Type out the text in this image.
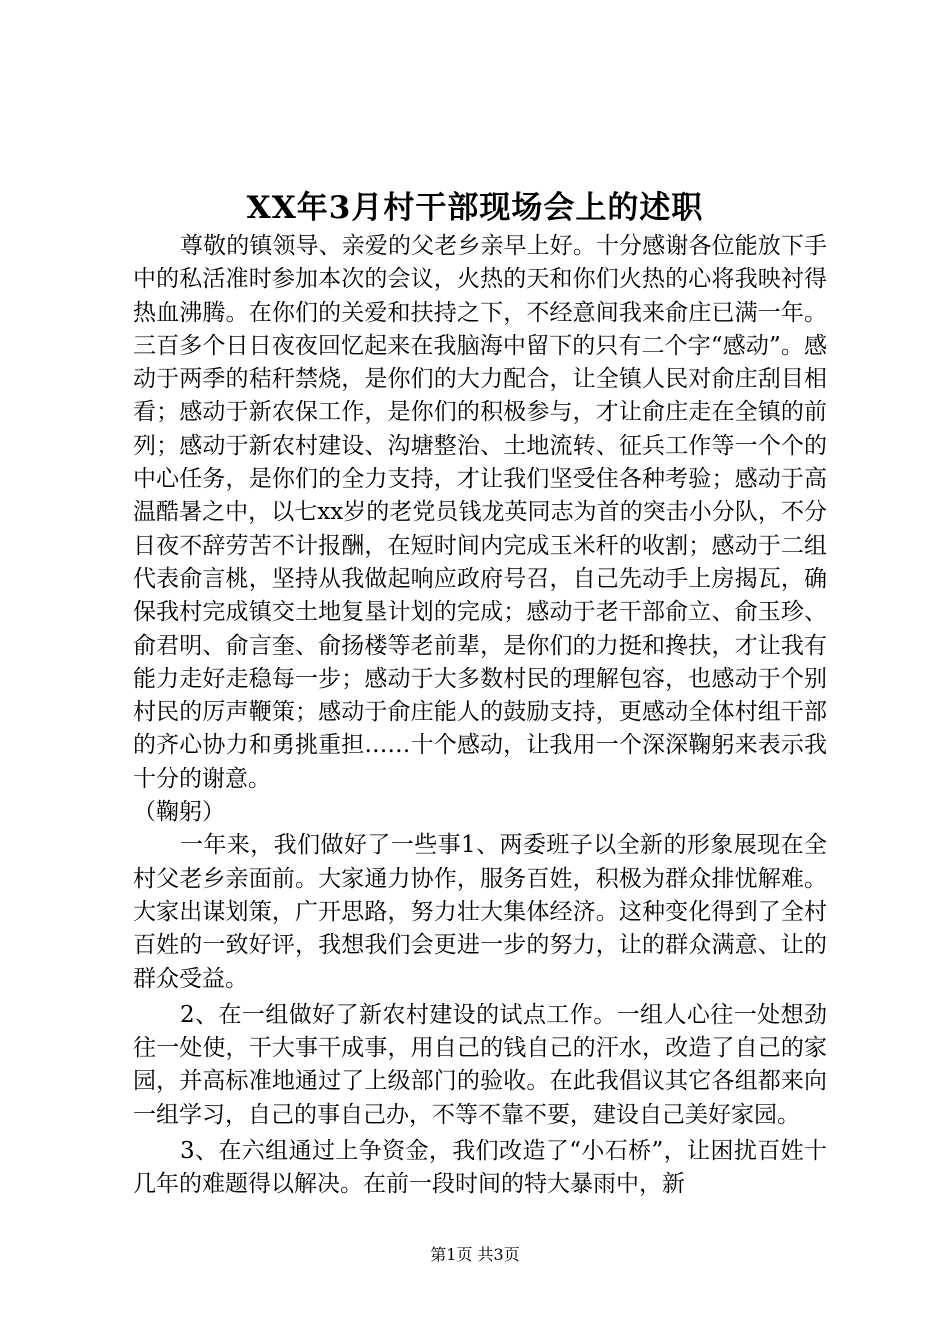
XX年3月村干部现场会上的述职

尊敬的镇领导、亲爱的父老乡亲早上好。十分感谢各位能放下手中的私活准时参加本次的会议，火热的天和你们火热的心将我映衬得热血沸腾。在你们的关爱和扶持之下，不经意间我来俞庄已满一年。三百多个日日夜夜回忆起来在我脑海中留下的只有二个字“感动”。感动于两季的秸秆禁烧，是你们的大力配合，让全镇人民对俞庄刮目相看；感动于新农保工作，是你们的积极参与，才让俞庄走在全镇的前列；感动于新农村建设、沟塘整治、土地流转、征兵工作等一个个的中心任务，是你们的全力支持，才让我们坚受住各种考验；感动于高温酷暑之中，以七xx岁的老党员钱龙英同志为首的突击小分队，不分日夜不辞劳苦不计报酬，在短时间内完成玉米秆的收割；感动于二组代表俞言桃，坚持从我做起响应政府号召，自己先动手上房揭瓦，确保我村完成镇交土地复垦计划的完成；感动于老干部俞立、俞玉珍、俞君明、俞言奎、俞扬楼等老前辈，是你们的力挺和搀扶，才让我有能力走好走稳每一步；感动于大多数村民的理解包容，也感动于个别村民的厉声鞭策；感动于俞庄能人的鼓励支持，更感动全体村组干部的齐心协力和勇挑重担……十个感动，让我用一个深深鞠躬来表示我十分的谢意。

（鞠躬）

一年来，我们做好了一些事1、两委班子以全新的形象展现在全村父老乡亲面前。大家通力协作，服务百姓，积极为群众排忧解难。大家出谋划策，广开思路，努力壮大集体经济。这种变化得到了全村百姓的一致好评，我想我们会更进一步的努力，让的群众满意、让的群众受益。

2、在一组做好了新农村建设的试点工作。一组人心往一处想劲往一处使，干大事干成事，用自己的钱自己的汗水，改造了自己的家园，并高标准地通过了上级部门的验收。在此我倡议其它各组都来向一组学习，自己的事自己办，不等不靠不要，建设自己美好家园。

3、在六组通过上争资金，我们改造了“小石桥”，让困扰百姓十几年的难题得以解决。在前一段时间的特大暴雨中，新

第1页 共3页
